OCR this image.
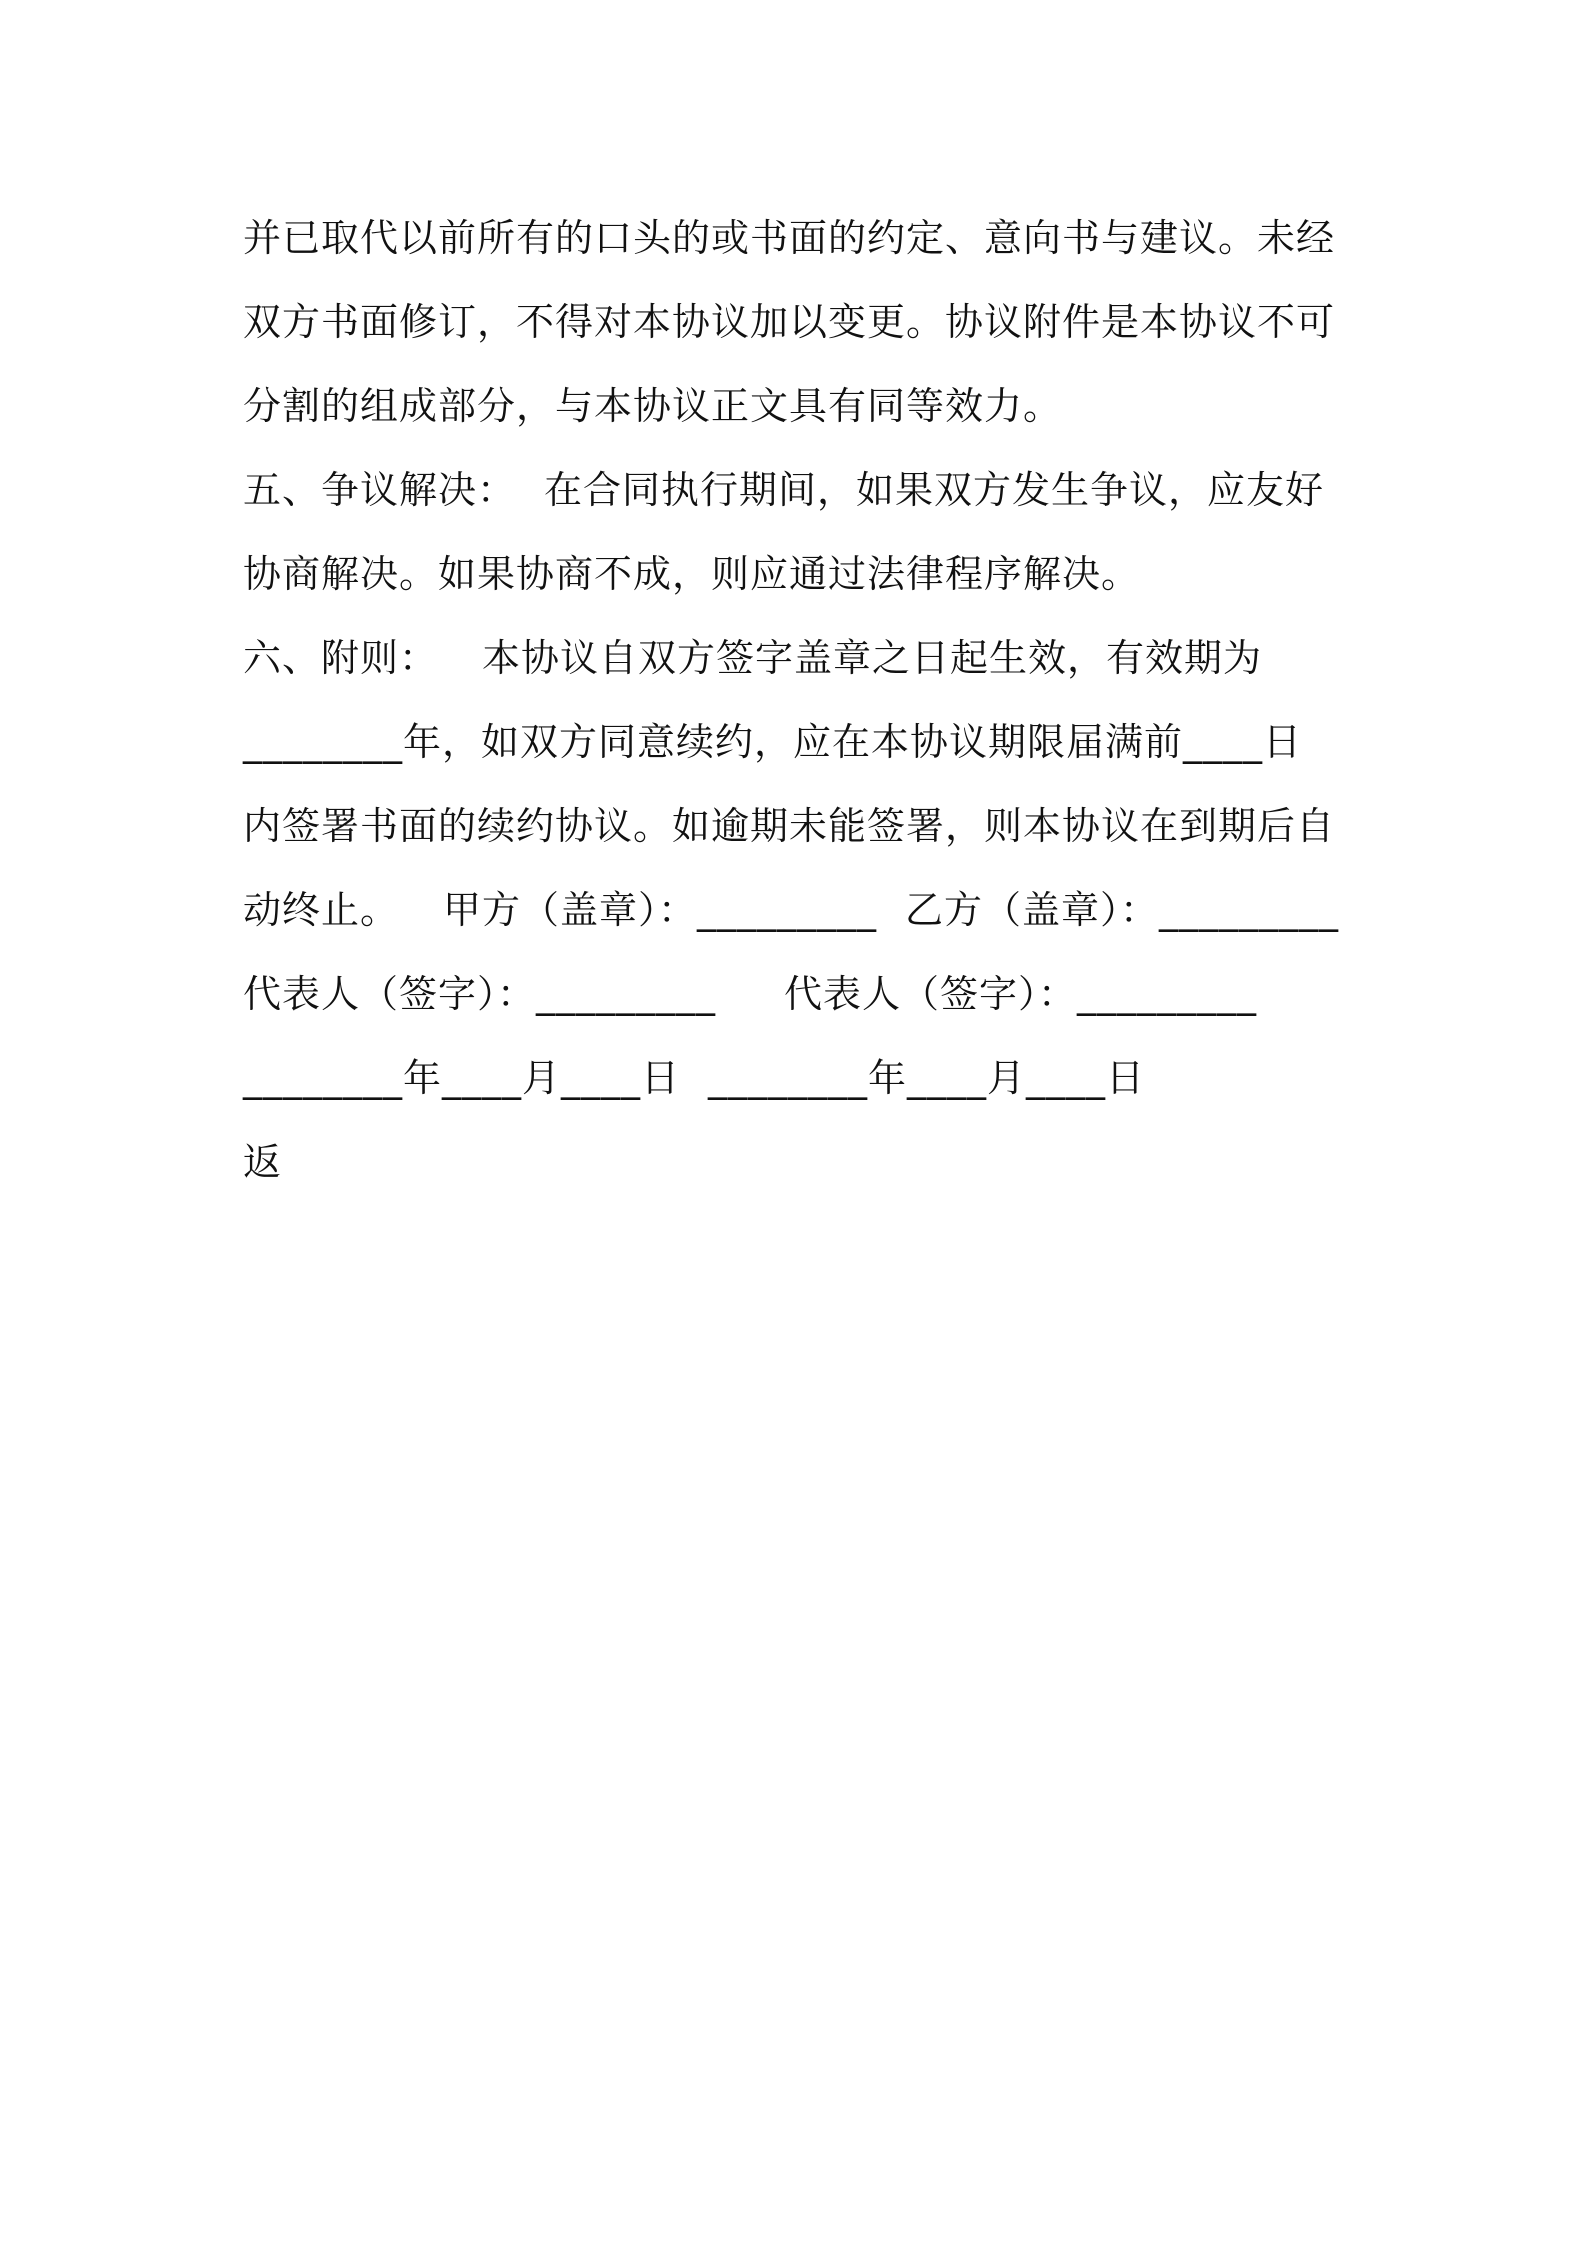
并已取代以前所有的口头的或书面的约定、意向书与建议。未经
双方书面修订，不得对本协议加以变更。协议附件是本协议不可
分割的组成部分，与本协议正文具有同等效力。
五、争议解决： 在合同执行期间，如果双方发生争议，应友好
协商解决。如果协商不成，则应通过法律程序解决。
六、附则： 本协议自双方签字盖章之日起生效，有效期为
________年，如双方同意续约，应在本协议期限届满前____日
内签署书面的续约协议。如逾期未能签署，则本协议在到期后自
动终止。 甲方（盖章）：_________ 乙方（盖章）：_________
代表人（签字）：_________ 代表人（签字）：_________
________年____月____日 ________年____月____日
返
